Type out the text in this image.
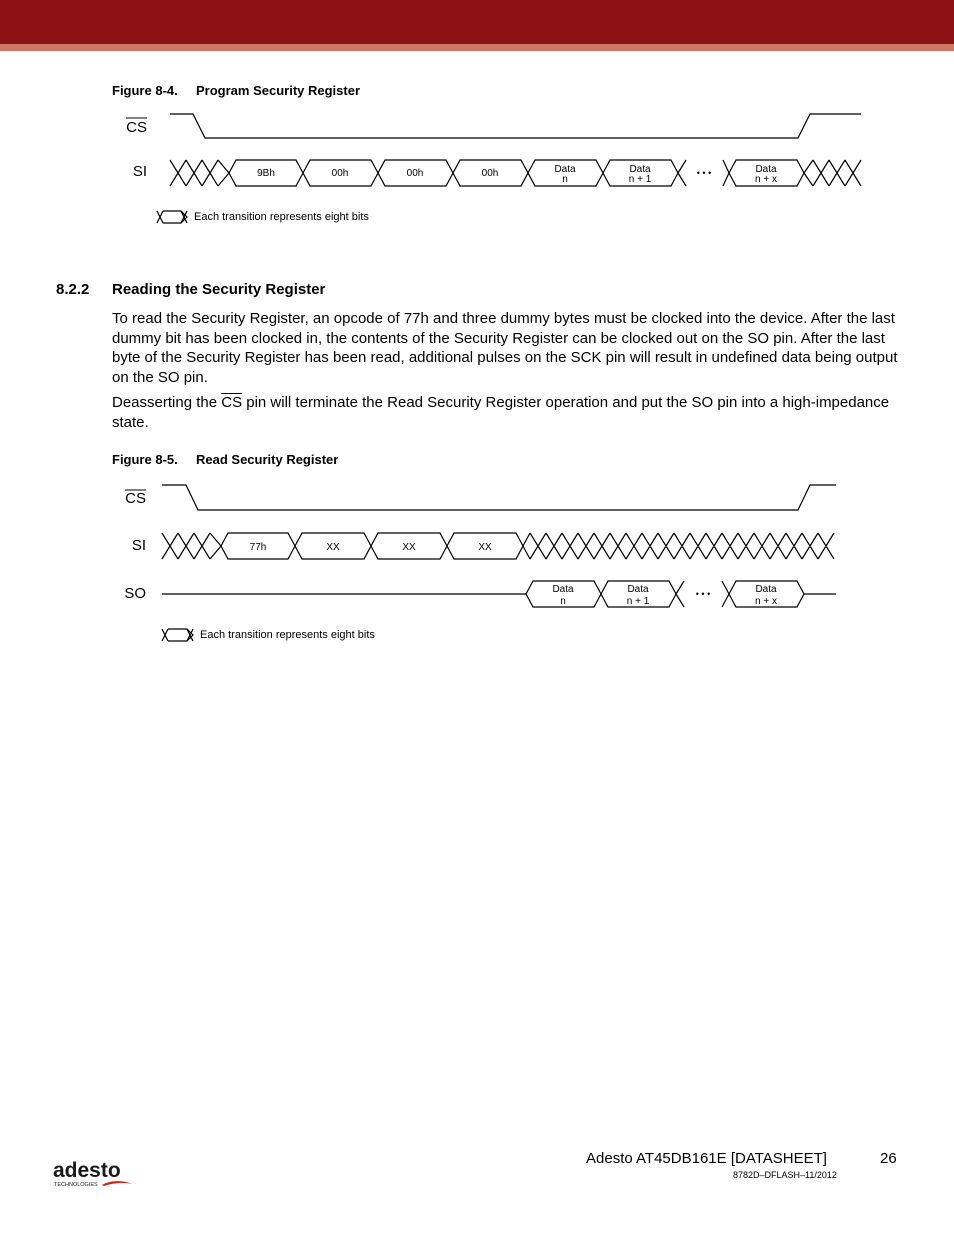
Figure 8-4. Program Security Register
CS
SI	9Bh	00h	00h	00h	Data
n
Data
n + 1
Data
n + x
• • •
Each transition represents eight bits
8.2.2 Reading the Security Register
To read the Security Register, an opcode of 77h and three dummy bytes must be clocked into the device. After the last dummy bit has been clocked in, the contents of the Security Register can be clocked out on the SO pin. After the last byte of the Security Register has been read, additional pulses on the SCK pin will result in undefined data being output on the SO pin.
Deasserting the $\overline{CS}$ pin will terminate the Read Security Register operation and put the SO pin into a high-impedance state.
Figure 8-5. Read Security Register
CS
SI
SO
77h	XX	XX	XX
Data
n
Data
n + 1
Data
n + x
• • •
Each transition represents eight bits
adesto
TECHNOLOGIES
Adesto AT45DB161E [DATASHEET]	26
8782D–DFLASH–11/2012
